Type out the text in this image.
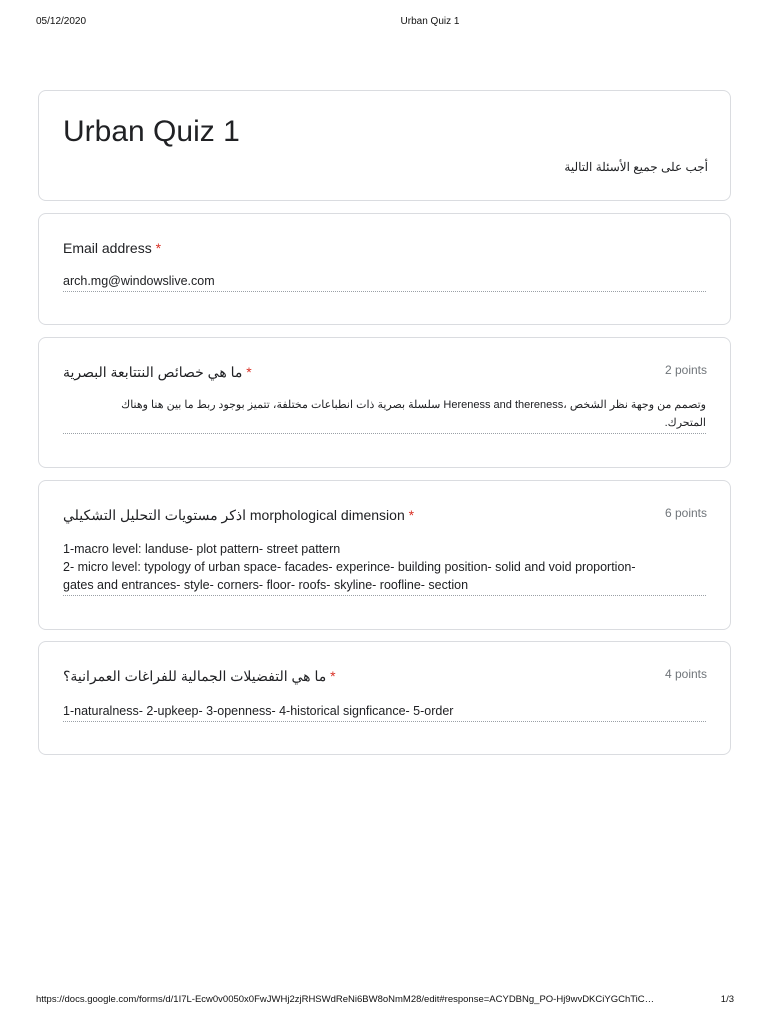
05/12/2020	Urban Quiz 1
Urban Quiz 1
أجب على جميع الأسئلة التالية
Email address *
arch.mg@windowslive.com
ما هي خصائص النتتابعة البصرية *	2 points
وتصمم من وجهة نظر الشخص ،Hereness and thereness سلسلة بصرية ذات انطباعات مختلفة، تتميز بوجود ربط ما بين هنا وهناك
المتحرك.
اذكر مستويات التحليل التشكيلي morphological dimension *	6 points
1-macro level: landuse- plot pattern- street pattern
2- micro level: typology of urban space- facades- experince- building position- solid and void proportion-
gates and entrances- style- corners- floor- roofs- skyline- roofline- section
ما هي التفضيلات الجمالية للفراغات العمرانية؟ *	4 points
1-naturalness- 2-upkeep- 3-openness- 4-historical signficance- 5-order
https://docs.google.com/forms/d/1I7L-Ecw0v0050x0FwJWHj2zjRHSWdReNi6BW8oNmM28/edit#response=ACYDBNg_PO-Hj9wvDKCiYGChTiC…	1/3
